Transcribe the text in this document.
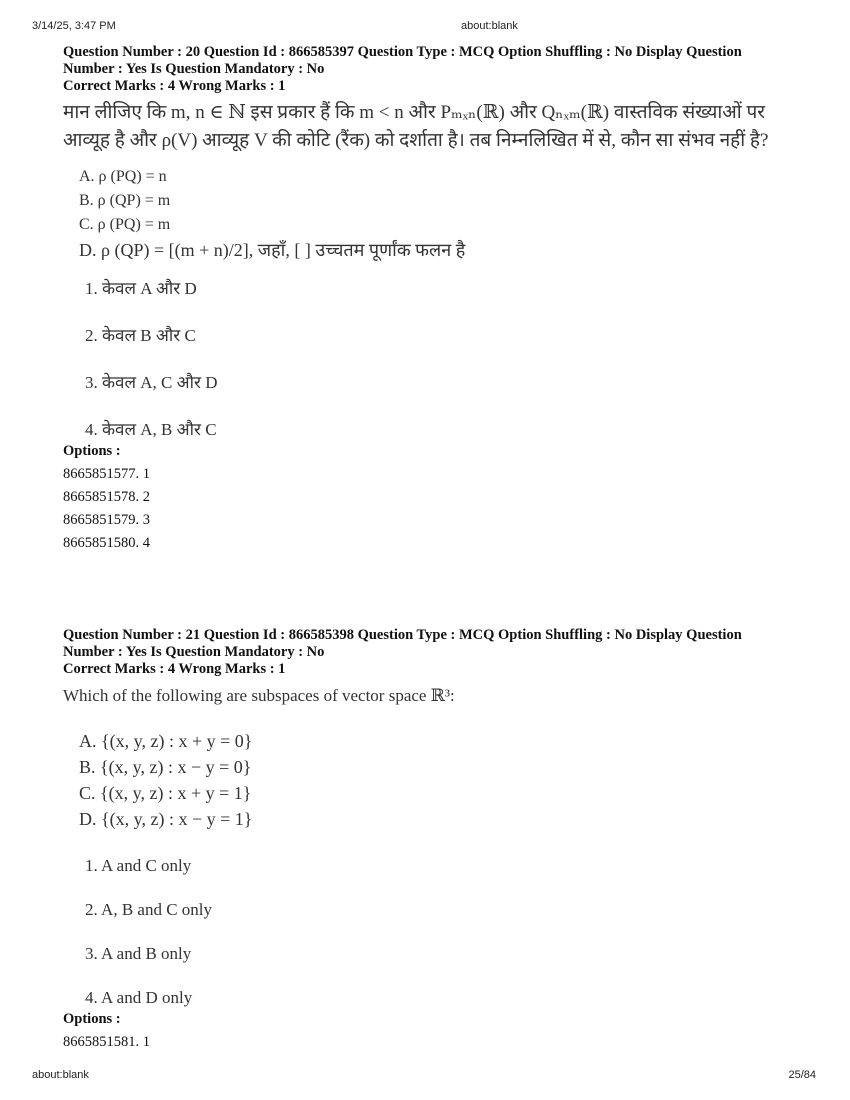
3/14/25, 3:47 PM	about:blank
Question Number : 20 Question Id : 866585397 Question Type : MCQ Option Shuffling : No Display Question
Number : Yes Is Question Mandatory : No
Correct Marks : 4 Wrong Marks : 1
मान लीजिए कि m, n ∈ ℕ इस प्रकार हैं कि m < n और Pₘₓₙ(ℝ) और Qₙₓₘ(ℝ) वास्तविक संख्याओं पर आव्यूह है और ρ(V) आव्यूह V की कोटि (रैंक) को दर्शाता है। तब निम्नलिखित में से, कौन सा संभव नहीं है?
A. ρ (PQ) = n
B. ρ (QP) = m
C. ρ (PQ) = m
D. ρ (QP) = [(m + n)/2], जहाँ, [ ] उच्चतम पूर्णांक फलन है
1. केवल A और D
2. केवल B और C
3. केवल A, C और D
4. केवल A, B और C
Options :
8665851577. 1
8665851578. 2
8665851579. 3
8665851580. 4
Question Number : 21 Question Id : 866585398 Question Type : MCQ Option Shuffling : No Display Question
Number : Yes Is Question Mandatory : No
Correct Marks : 4 Wrong Marks : 1
Which of the following are subspaces of vector space ℝ³:
A. {(x, y, z) : x + y = 0}
B. {(x, y, z) : x − y = 0}
C. {(x, y, z) : x + y = 1}
D. {(x, y, z) : x − y = 1}
1. A and C only
2. A, B and C only
3. A and B only
4. A and D only
Options :
8665851581. 1
about:blank	25/84
